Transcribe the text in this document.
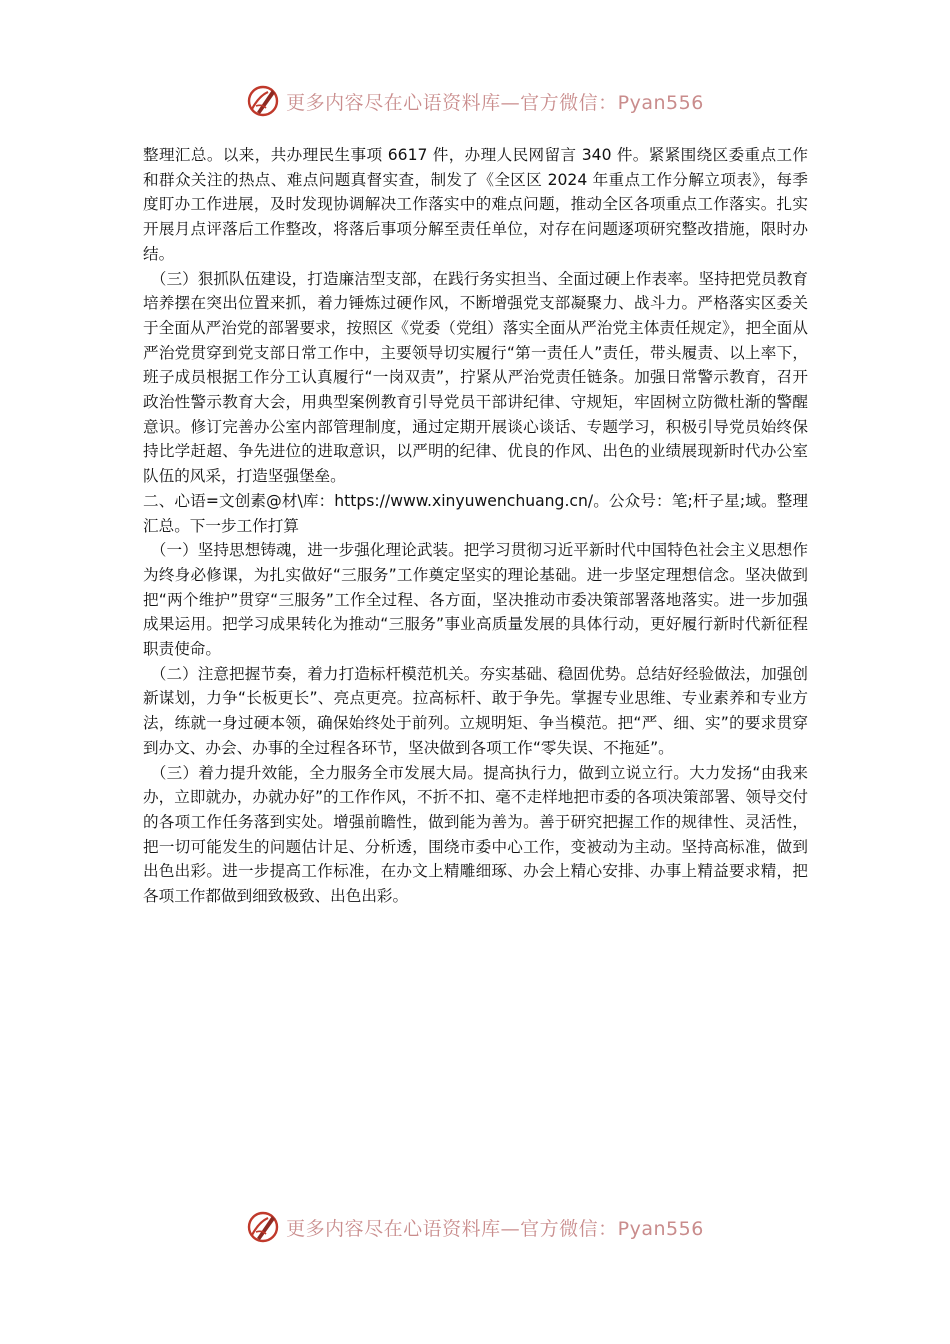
更多内容尽在心语资料库—官方微信：Pyan556

整理汇总。以来，共办理民生事项 6617 件，办理人民网留言 340 件。紧紧围绕区委重点工作和群众关注的热点、难点问题真督实查，制发了《全区区 2024 年重点工作分解立项表》，每季度盯办工作进展，及时发现协调解决工作落实中的难点问题，推动全区各项重点工作落实。扎实开展月点评落后工作整改，将落后事项分解至责任单位，对存在问题逐项研究整改措施，限时办结。

（三）狠抓队伍建设，打造廉洁型支部，在践行务实担当、全面过硬上作表率。坚持把党员教育培养摆在突出位置来抓，着力锤炼过硬作风，不断增强党支部凝聚力、战斗力。严格落实区委关于全面从严治党的部署要求，按照区《党委（党组）落实全面从严治党主体责任规定》，把全面从严治党贯穿到党支部日常工作中，主要领导切实履行“第一责任人”责任，带头履责、以上率下，班子成员根据工作分工认真履行“一岗双责”，拧紧从严治党责任链条。加强日常警示教育，召开政治性警示教育大会，用典型案例教育引导党员干部讲纪律、守规矩，牢固树立防微杜渐的警醒意识。修订完善办公室内部管理制度，通过定期开展谈心谈话、专题学习，积极引导党员始终保持比学赶超、争先进位的进取意识，以严明的纪律、优良的作风、出色的业绩展现新时代办公室队伍的风采，打造坚强堡垒。

二、心语=文创素@材\库：https://www.xinyuwenchuang.cn/。公众号：笔;杆子星;域。整理汇总。下一步工作打算

（一）坚持思想铸魂，进一步强化理论武装。把学习贯彻习近平新时代中国特色社会主义思想作为终身必修课，为扎实做好“三服务”工作奠定坚实的理论基础。进一步坚定理想信念。坚决做到把“两个维护”贯穿“三服务”工作全过程、各方面，坚决推动市委决策部署落地落实。进一步加强成果运用。把学习成果转化为推动“三服务”事业高质量发展的具体行动，更好履行新时代新征程职责使命。

（二）注意把握节奏，着力打造标杆模范机关。夯实基础、稳固优势。总结好经验做法，加强创新谋划，力争“长板更长”、亮点更亮。拉高标杆、敢于争先。掌握专业思维、专业素养和专业方法，练就一身过硬本领，确保始终处于前列。立规明矩、争当模范。把“严、细、实”的要求贯穿到办文、办会、办事的全过程各环节，坚决做到各项工作“零失误、不拖延”。

（三）着力提升效能，全力服务全市发展大局。提高执行力，做到立说立行。大力发扬“由我来办，立即就办，办就办好”的工作作风，不折不扣、毫不走样地把市委的各项决策部署、领导交付的各项工作任务落到实处。增强前瞻性，做到能为善为。善于研究把握工作的规律性、灵活性，把一切可能发生的问题估计足、分析透，围绕市委中心工作，变被动为主动。坚持高标准，做到出色出彩。进一步提高工作标准，在办文上精雕细琢、办会上精心安排、办事上精益要求精，把各项工作都做到细致极致、出色出彩。

更多内容尽在心语资料库—官方微信：Pyan556
